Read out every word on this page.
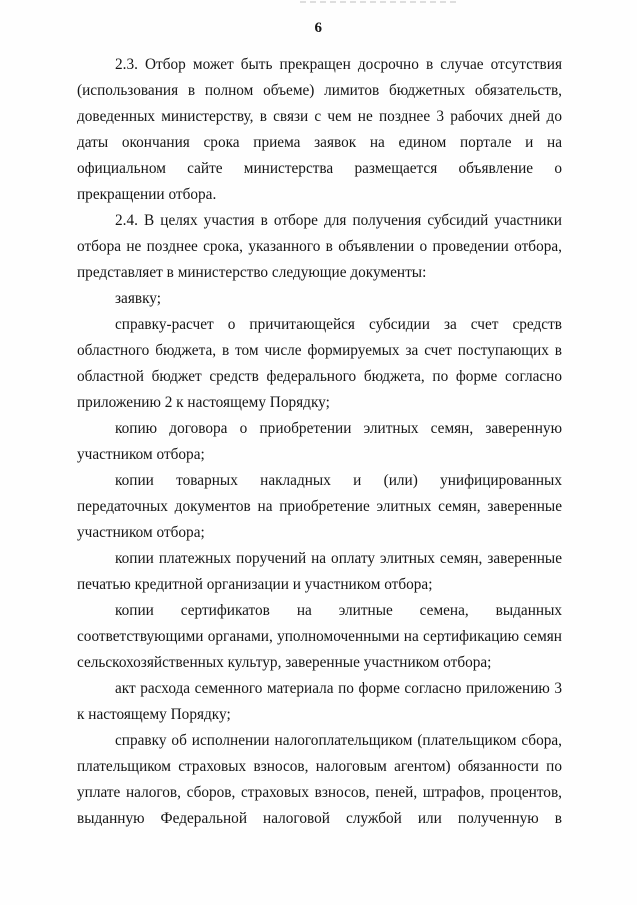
6

2.3. Отбор может быть прекращен досрочно в случае отсутствия (использования в полном объеме) лимитов бюджетных обязательств, доведенных министерству, в связи с чем не позднее 3 рабочих дней до даты окончания срока приема заявок на едином портале и на официальном сайте министерства размещается объявление о прекращении отбора.

2.4. В целях участия в отборе для получения субсидий участники отбора не позднее срока, указанного в объявлении о проведении отбора, представляет в министерство следующие документы:

заявку;

справку-расчет о причитающейся субсидии за счет средств областного бюджета, в том числе формируемых за счет поступающих в областной бюджет средств федерального бюджета, по форме согласно приложению 2 к настоящему Порядку;

копию договора о приобретении элитных семян, заверенную участником отбора;

копии товарных накладных и (или) унифицированных передаточных документов на приобретение элитных семян, заверенные участником отбора;

копии платежных поручений на оплату элитных семян, заверенные печатью кредитной организации и участником отбора;

копии сертификатов на элитные семена, выданных соответствующими органами, уполномоченными на сертификацию семян сельскохозяйственных культур, заверенные участником отбора;

акт расхода семенного материала по форме согласно приложению 3 к настоящему Порядку;

справку об исполнении налогоплательщиком (плательщиком сбора, плательщиком страховых взносов, налоговым агентом) обязанности по уплате налогов, сборов, страховых взносов, пеней, штрафов, процентов, выданную Федеральной налоговой службой или полученную в
